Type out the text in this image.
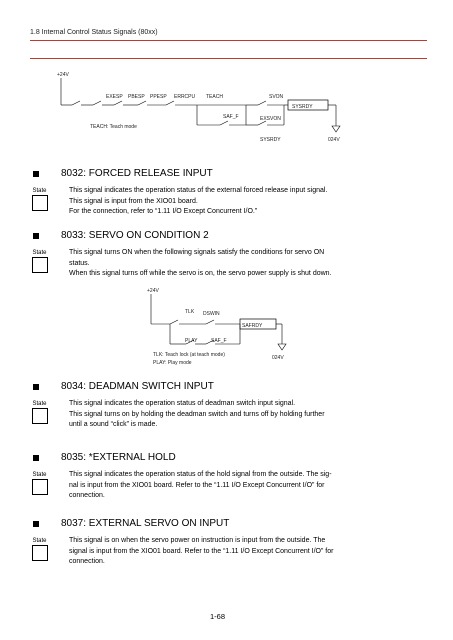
1.8 Internal Control Status Signals (80xx)
+24V
EXESP PBESP PPESP ERRCPU TEACH	SVON
SAF_F	EXSVON
SYSRDY
SYSRDY
TEACH: Teach mode
024V
8032: FORCED RELEASE INPUT
State	This signal indicates the operation status of the external forced release input signal.

This signal is input from the XIO01 board.

For the connection, refer to “1.11 I/O Except Concurrent I/O.”

8033: SERVO ON CONDITION 2
State	This signal turns ON when the following signals satisfy the conditions for servo ON

status.

When this signal turns off while the servo is on, the servo power supply is shut down.

+24V
TLK DSWIN
PLAY	SAF_F
SAFRDY
024V
TLK: Teach lock (at teach mode)
PLAY: Play mode
8034: DEADMAN SWITCH INPUT
State	This signal indicates the operation status of deadman switch input signal.

This signal turns on by holding the deadman switch and turns off by holding further

until a sound “click” is made.

8035: *EXTERNAL HOLD
State	This signal indicates the operation status of the hold signal from the outside. The sig-

nal is input from the XIO01 board. Refer to the “1.11 I/O Except Concurrent I/O” for

connection.

8037: EXTERNAL SERVO ON INPUT
State	This signal is on when the servo power on instruction is input from the outside. The

signal is input from the XIO01 board. Refer to the “1.11 I/O Except Concurrent I/O” for

connection.

1-68
